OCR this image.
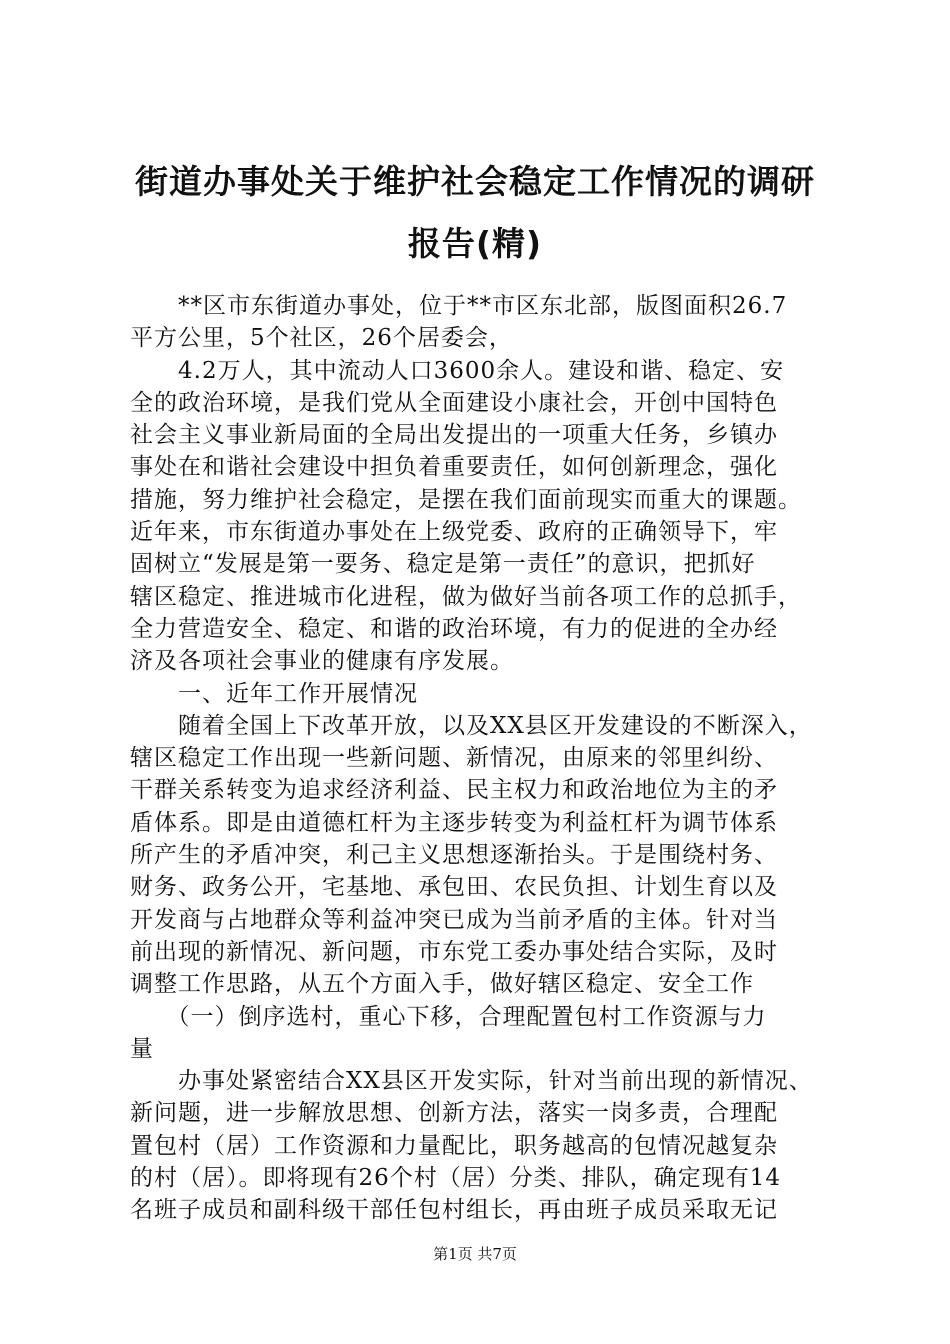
街道办事处关于维护社会稳定工作情况的调研
报告(精)
　　**区市东街道办事处，位于**市区东北部，版图面积26.7
平方公里，5个社区，26个居委会，
　　4.2万人，其中流动人口3600余人。建设和谐、稳定、安
全的政治环境，是我们党从全面建设小康社会，开创中国特色
社会主义事业新局面的全局出发提出的一项重大任务，乡镇办
事处在和谐社会建设中担负着重要责任，如何创新理念，强化
措施，努力维护社会稳定，是摆在我们面前现实而重大的课题。
近年来，市东街道办事处在上级党委、政府的正确领导下，牢
固树立“发展是第一要务、稳定是第一责任”的意识，把抓好
辖区稳定、推进城市化进程，做为做好当前各项工作的总抓手，
全力营造安全、稳定、和谐的政治环境，有力的促进的全办经
济及各项社会事业的健康有序发展。
　　一、近年工作开展情况
　　随着全国上下改革开放，以及XX县区开发建设的不断深入，
辖区稳定工作出现一些新问题、新情况，由原来的邻里纠纷、
干群关系转变为追求经济利益、民主权力和政治地位为主的矛
盾体系。即是由道德杠杆为主逐步转变为利益杠杆为调节体系
所产生的矛盾冲突，利己主义思想逐渐抬头。于是围绕村务、
财务、政务公开，宅基地、承包田、农民负担、计划生育以及
开发商与占地群众等利益冲突已成为当前矛盾的主体。针对当
前出现的新情况、新问题，市东党工委办事处结合实际，及时
调整工作思路，从五个方面入手，做好辖区稳定、安全工作
　　（一）倒序选村，重心下移，合理配置包村工作资源与力
量
　　办事处紧密结合XX县区开发实际，针对当前出现的新情况、
新问题，进一步解放思想、创新方法，落实一岗多责，合理配
置包村（居）工作资源和力量配比，职务越高的包情况越复杂
的村（居）。即将现有26个村（居）分类、排队，确定现有14
名班子成员和副科级干部任包村组长，再由班子成员采取无记
第1页 共7页
